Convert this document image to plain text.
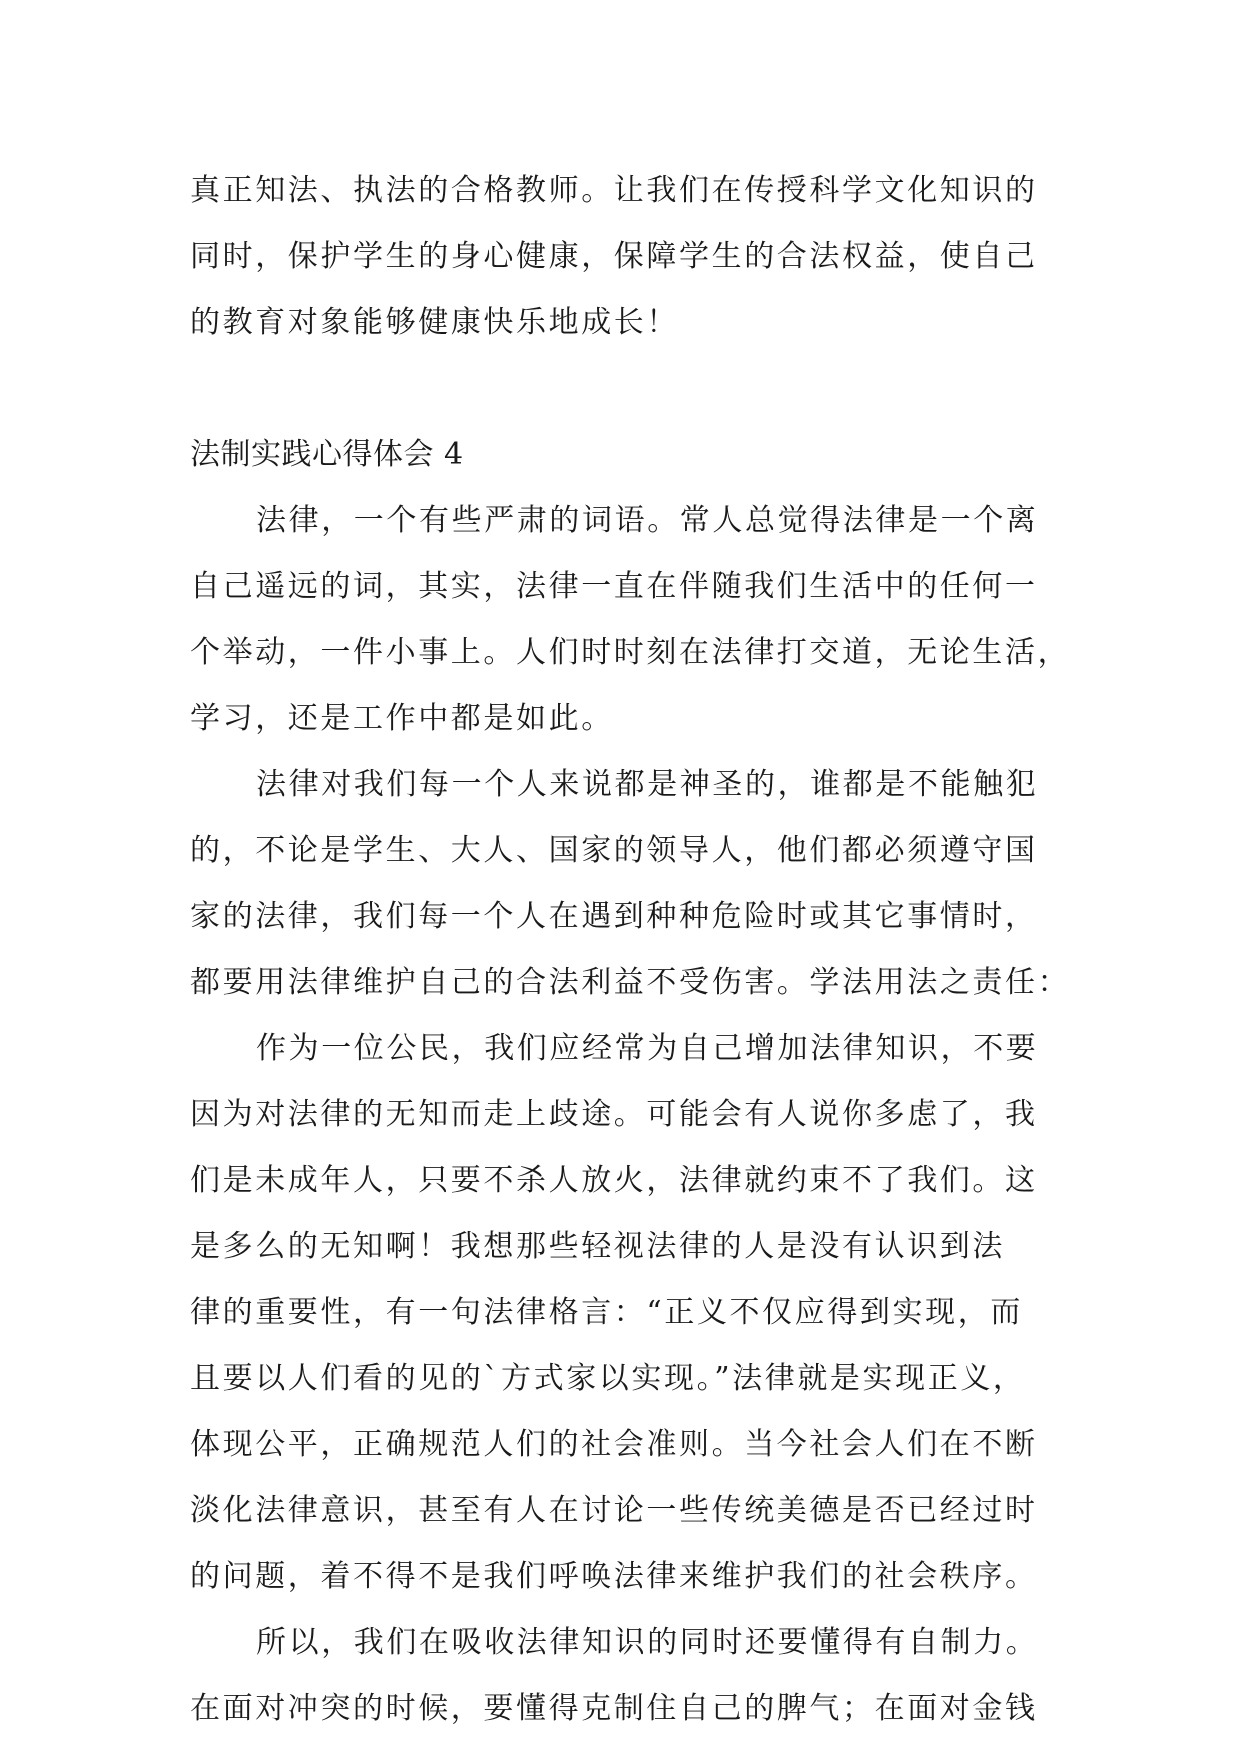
真正知法、执法的合格教师。让我们在传授科学文化知识的
同时，保护学生的身心健康，保障学生的合法权益，使自己
的教育对象能够健康快乐地成长！
法制实践心得体会 4
法律，一个有些严肃的词语。常人总觉得法律是一个离
自己遥远的词，其实，法律一直在伴随我们生活中的任何一
个举动，一件小事上。人们时时刻在法律打交道，无论生活，
学习，还是工作中都是如此。
法律对我们每一个人来说都是神圣的，谁都是不能触犯
的，不论是学生、大人、国家的领导人，他们都必须遵守国
家的法律，我们每一个人在遇到种种危险时或其它事情时，
都要用法律维护自己的合法利益不受伤害。学法用法之责任：
作为一位公民，我们应经常为自己增加法律知识，不要
因为对法律的无知而走上歧途。可能会有人说你多虑了，我
们是未成年人，只要不杀人放火，法律就约束不了我们。这
是多么的无知啊！我想那些轻视法律的人是没有认识到法
律的重要性，有一句法律格言：“正义不仅应得到实现，而
且要以人们看的见的`方式家以实现。”法律就是实现正义，
体现公平，正确规范人们的社会准则。当今社会人们在不断
淡化法律意识，甚至有人在讨论一些传统美德是否已经过时
的问题，着不得不是我们呼唤法律来维护我们的社会秩序。
所以，我们在吸收法律知识的同时还要懂得有自制力。
在面对冲突的时候，要懂得克制住自己的脾气；在面对金钱
